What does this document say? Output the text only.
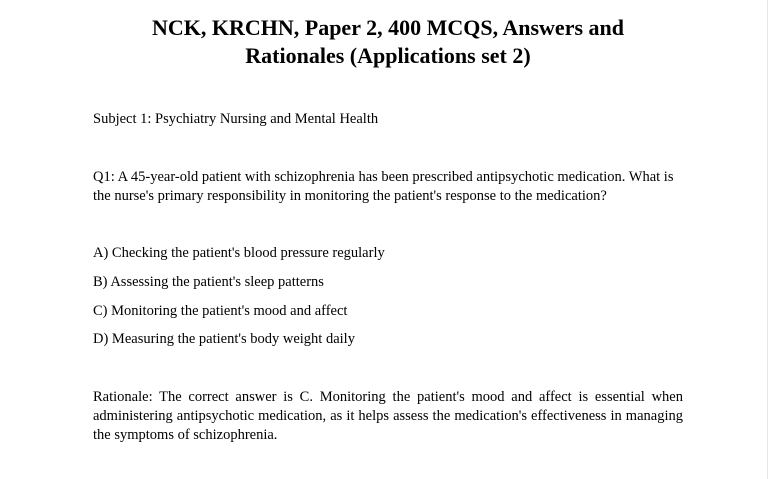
NCK, KRCHN, Paper 2, 400 MCQS, Answers and
Rationales (Applications set 2)

Subject 1: Psychiatry Nursing and Mental Health

Q1: A 45-year-old patient with schizophrenia has been prescribed antipsychotic medication. What is the nurse's primary responsibility in monitoring the patient's response to the medication?

A) Checking the patient's blood pressure regularly

B) Assessing the patient's sleep patterns

C) Monitoring the patient's mood and affect

D) Measuring the patient's body weight daily

Rationale: The correct answer is C. Monitoring the patient's mood and affect is essential when administering antipsychotic medication, as it helps assess the medication's effectiveness in managing the symptoms of schizophrenia.
